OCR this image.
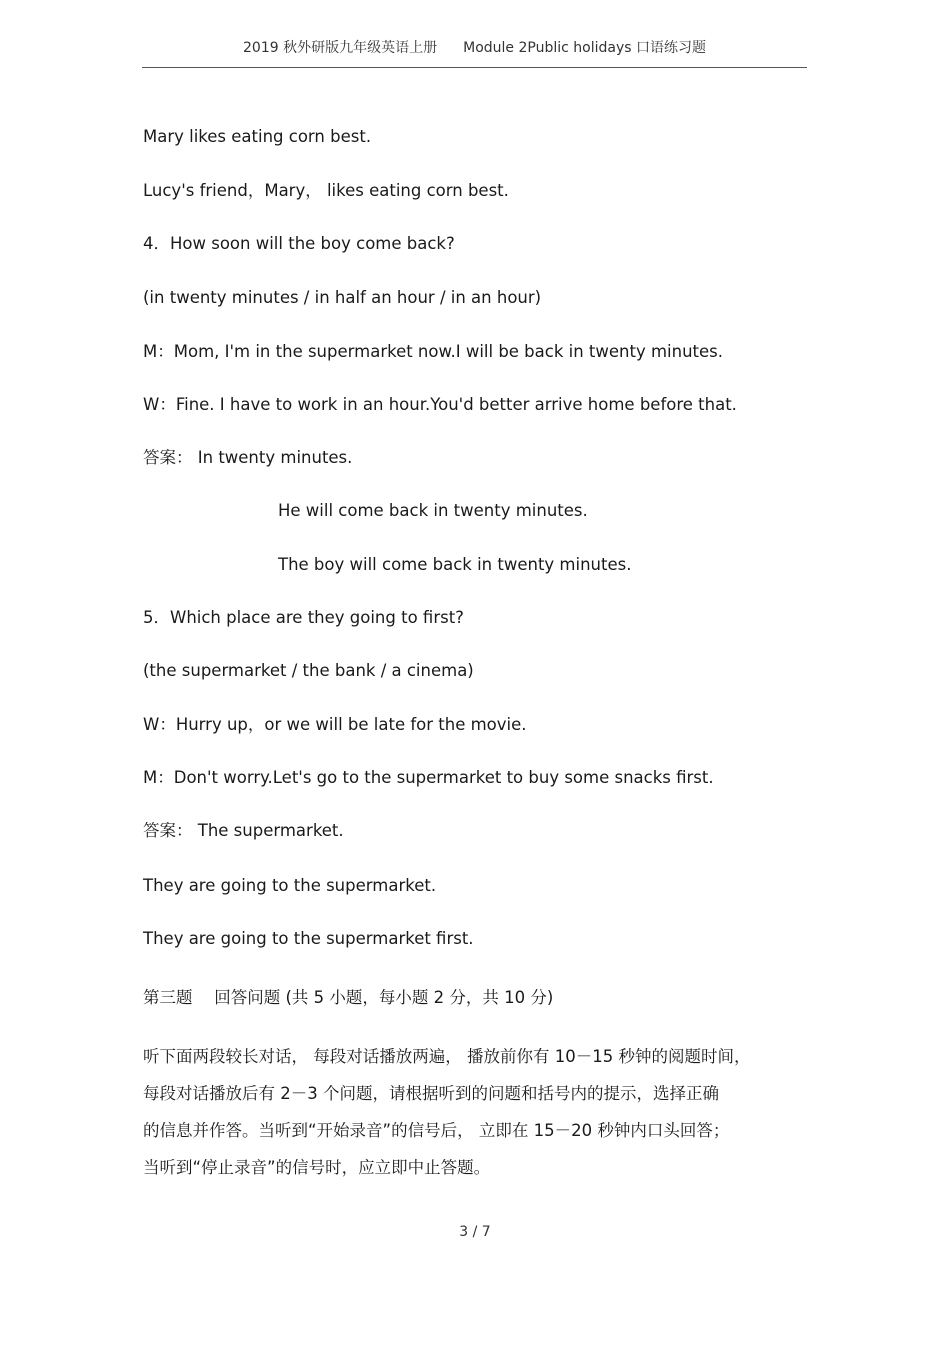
2019 秋外研版九年级英语上册 Module 2Public holidays 口语练习题
Mary likes eating corn best.
Lucy's friend，Mary， likes eating corn best.
4．How soon will the boy come back?
(in twenty minutes / in half an hour / in an hour)
M：Mom, I'm in the supermarket now.I will be back in twenty minutes.
W：Fine. I have to work in an hour.You'd better arrive home before that.
答案： In twenty minutes.
He will come back in twenty minutes.
The boy will come back in twenty minutes.
5．Which place are they going to first?
(the supermarket / the bank / a cinema)
W：Hurry up，or we will be late for the movie.
M：Don't worry.Let's go to the supermarket to buy some snacks first.
答案： The supermarket.
They are going to the supermarket.
They are going to the supermarket first.
第三题　 回答问题 (共 5 小题，每小题 2 分，共 10 分)
听下面两段较长对话， 每段对话播放两遍， 播放前你有 10－15 秒钟的阅题时间，
每段对话播放后有 2－3 个问题，请根据听到的问题和括号内的提示，选择正确
的信息并作答。当听到“开始录音”的信号后， 立即在 15－20 秒钟内口头回答；
当听到“停止录音”的信号时，应立即中止答题。
3 / 7
